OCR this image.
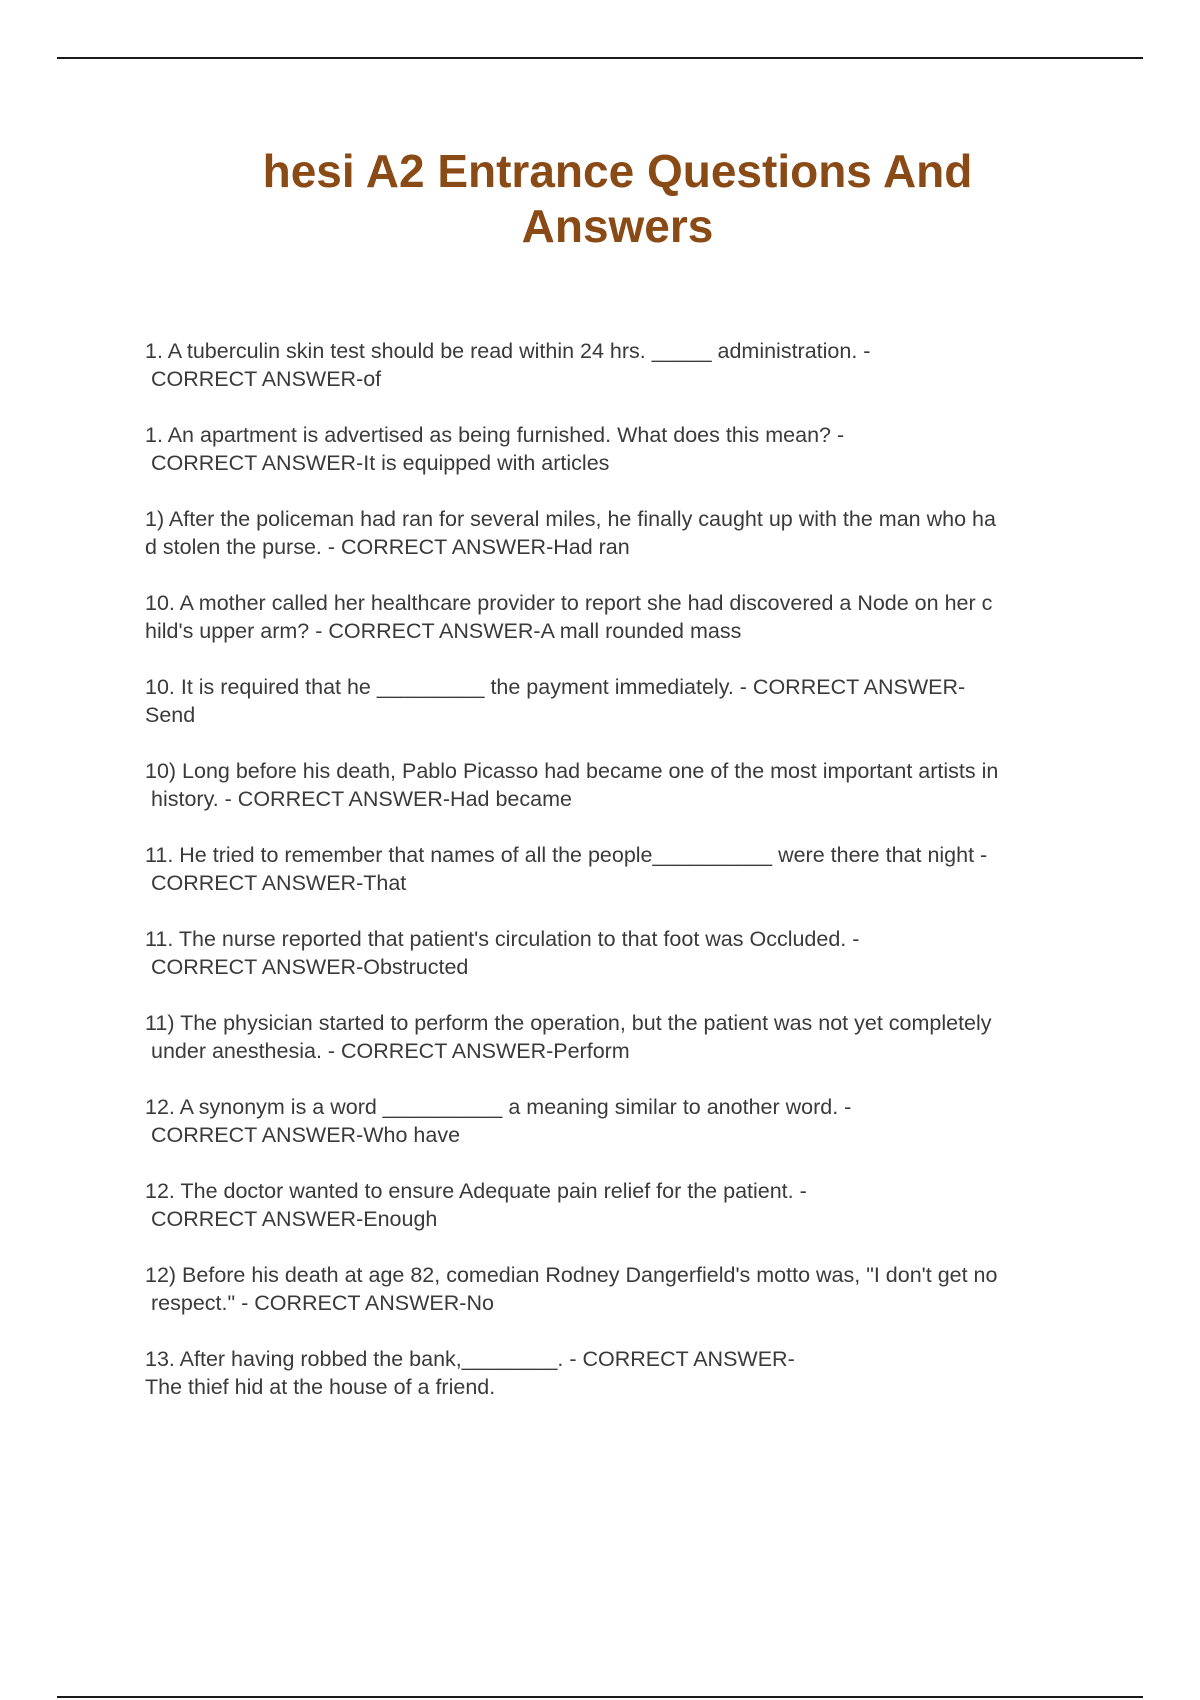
hesi A2 Entrance Questions And
Answers
1. A tuberculin skin test should be read within 24 hrs. _____ administration. -
CORRECT ANSWER-of
1. An apartment is advertised as being furnished. What does this mean? -
CORRECT ANSWER-It is equipped with articles
1) After the policeman had ran for several miles, he finally caught up with the man who ha
d stolen the purse. - CORRECT ANSWER-Had ran
10. A mother called her healthcare provider to report she had discovered a Node on her c
hild's upper arm? - CORRECT ANSWER-A mall rounded mass
10. It is required that he _________ the payment immediately. - CORRECT ANSWER-
Send
10) Long before his death, Pablo Picasso had became one of the most important artists in
history. - CORRECT ANSWER-Had became
11. He tried to remember that names of all the people__________ were there that night -
CORRECT ANSWER-That
11. The nurse reported that patient's circulation to that foot was Occluded. -
CORRECT ANSWER-Obstructed
11) The physician started to perform the operation, but the patient was not yet completely
under anesthesia. - CORRECT ANSWER-Perform
12. A synonym is a word __________ a meaning similar to another word. -
CORRECT ANSWER-Who have
12. The doctor wanted to ensure Adequate pain relief for the patient. -
CORRECT ANSWER-Enough
12) Before his death at age 82, comedian Rodney Dangerfield's motto was, "I don't get no
respect." - CORRECT ANSWER-No
13. After having robbed the bank,________. - CORRECT ANSWER-
The thief hid at the house of a friend.
